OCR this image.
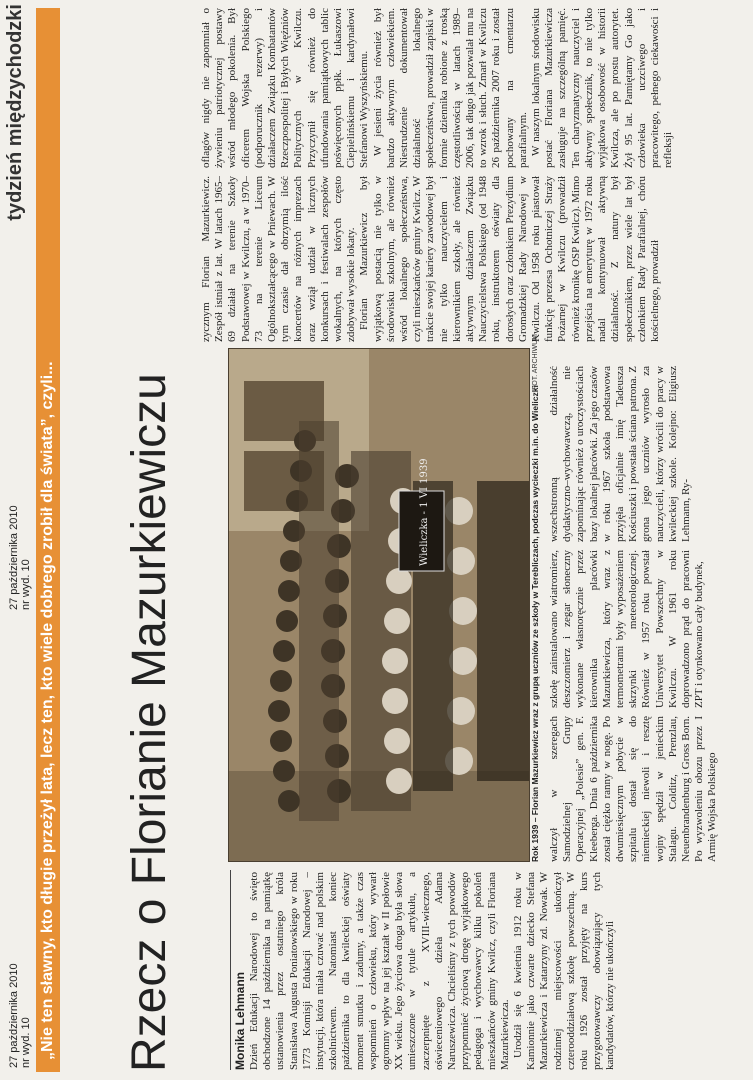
27 października 2010 nr wyd. 10
27 października 2010 nr wyd. 10
tydzień międzychodzki
„Nie ten sławny, kto długie przeżył lata, lecz ten, kto wiele dobrego zrobił dla świata”, czyli... Rzecz o Florianie Mazurkiewiczu	Monika Lehmann Dzień Edukacji Narodowej to święto obchodzone 14 października na pamiątkę ustanowienia przez ostatniego króla Stanisława Augusta Poniatowskiego w roku 1773 Komisji Edukacji Narodowej – instytucji, która miała czuwać nad polskim szkolnictwem. Natomiast koniec października to dla kwileckiej oświaty moment smutku i zadumy, a także czas wspomnień o człowieku, który wywarł ogromny wpływ na jej kształt w II połowie XX wieku. Jego życiowa droga była słowa umieszczone w tytule artykułu, a zaczerpnięte z XVIII-wiecznego, oświeceniowego dzieła Adama Naruszewicza. Chcieliśmy z tych powodów przypomnieć życiową drogę wyjątkowego pedagoga i wychowawcy kilku pokoleń mieszkańców gminy Kwilcz, czyli Floriana Mazurkiewicza. Urodził się 6 kwietnia 1912 roku w Kamionnie jako czwarte dziecko Stefana Mazurkiewicza i Katarzyny zd. Nowak. W rodzinnej miejscowości ukończył czterooddziałową szkołę powszechną. W roku 1926 został przyjęty na kurs przygotowawczy obowiązujący tych kandydatów, którzy nie ukończyli

Wieliczka - 1 VI 1939	Rok 1939 – Florian Mazurkiewicz wraz z grupą uczniów ze szkoły w Terebliczach, podczas wycieczki m.in. do Wieliczki
FOT. ARCHIWUM

walczył w szeregach Samodzielnej Grupy Operacyjnej „Polesie” gen. F. Kleeberga. Dnia 6 października został ciężko ranny w nogę. Po dwumiesięcznym pobycie w szpitalu dostał się do niemieckiej niewoli i resztę wojny spędził w jenieckim Stalagu. Colditz, Prenzlau, Neuenbrandenburg i Gross Born. Po wyzwoleniu obozu przez I Armię Wojska Polskiego

szkołę zainstalowano wiatromierz, deszczomierz i zegar słoneczny wykonane własnoręcznie przez kierownika placówki Mazurkiewicza, który wraz z termometrami były wyposażeniem skrzynki meteorologicznej. Również w 1957 roku powstał Uniwersytet Powszechny w Kwilczu. W 1961 roku doprowadzono prąd do pracowni ZPT i otynkowano cały budynek,

wszechstronną działalność dydaktyczno–wychowawczą, nie zapominając również o uroczystościach bazy lokalnej placówki. Za jego czasów w roku 1967 szkoła podstawowa przyjęła oficjalnie imię Tadeusza Kościuszki i powstała ściana patrona. Z grona jego uczniów wyrosło za nauczycieli, którzy wrócili do pracy w kwileckiej szkole. Kolejno: Eligiusz Lehmann, Ry-

zycznym Florian Mazurkiewicz. Zespół istniał z lat. W latach 1965–69 działał na terenie Szkoły Podstawowej w Kwilczu, a w 1970–73 na terenie Liceum Ogólnokształcącego w Pniewach. W tym czasie dał obrzymią ilość koncertów na różnych imprezach oraz wziął udział w licznych konkursach i festiwalach zespołów wokalnych, na których często zdobywał wysokie lokaty. Florian Mazurkiewicz był wyjątkową postacią nie tylko w środowisku szkolnym, ale również wśród lokalnego społeczeństwa, czyli mieszkańców gminy Kwilcz. W trakcie swojej kariery zawodowej był nie tylko nauczycielem i kierownikiem szkoły, ale również aktywnym działaczem Związku Nauczycielstwa Polskiego (od 1948 roku, instruktorem oświaty dla dorosłych oraz członkiem Prezydium Gromadzkiej Rady Narodowej w Kwilczu. Od 1958 roku piastował funkcję prezesa Ochotniczej Straży Pożarnej w Kwilczu (prowadził również kronikę OSP Kwilcz). Mimo przejścia na emeryturę w 1972 roku nadal kontynuował aktywną działalność. Z natury był społecznikiem, przez wiele lat był członkiem Rady Parafialnej, chóru kościelnego, prowadził

oflagów nigdy nie zapomniał o żywieniu patriotycznej postawy wśród młodego pokolenia. Był oficerem Wojska Polskiego (podporucznik rezerwy) i działaczem Związku Kombatantów Rzeczpospolitej i Byłych Więźniów Politycznych w Kwilczu. Przyczynił się również do ufundowania pamiątkowych tablic poświęconych ppłk. Łukaszowi Ciepielińskiemu i kardynałowi Stefanowi Wyszyńskiemu. W jesieni życia również był bardzo aktywnym człowiekiem. Niestrudzenie dokumentował działalność lokalnego społeczeństwa, prowadził zapiski w formie dziennika robione z troską częstotliwością w latach 1989–2006, tak długo jak pozwalał mu na to wzrok i słuch. Zmarł w Kwilczu 26 października 2007 roku i został pochowany na cmentarzu parafialnym. W naszym lokalnym środowisku postać Floriana Mazurkiewicza zasługuje na szczególną pamięć. Ten charyzmatyczny nauczyciel i aktywny społecznik, to nie tylko wyjątkowa osobowość w historii Kwilcza, ale po prostu autorytet. Żył 95 lat. Pamiętamy Go jako człowieka uczciwego i pracowitego, pełnego ciekawości i refleksji
